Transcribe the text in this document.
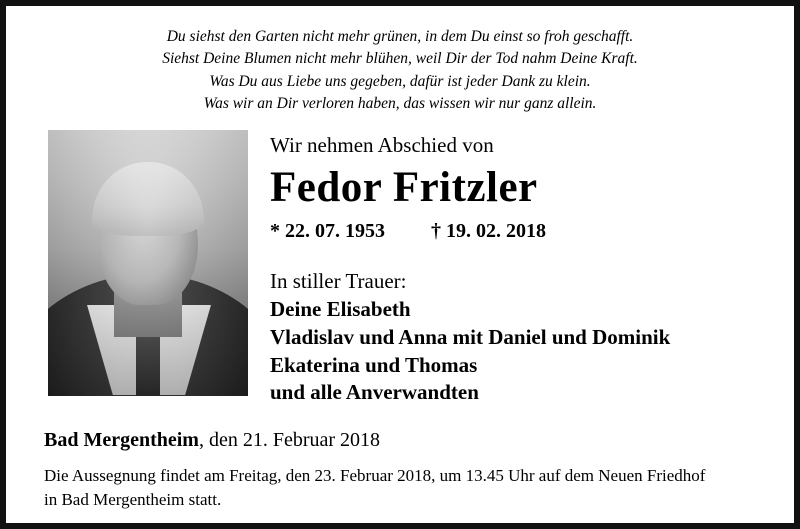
Du siehst den Garten nicht mehr grünen, in dem Du einst so froh geschafft.
Siehst Deine Blumen nicht mehr blühen, weil Dir der Tod nahm Deine Kraft.
Was Du aus Liebe uns gegeben, dafür ist jeder Dank zu klein.
Was wir an Dir verloren haben, das wissen wir nur ganz allein.
Wir nehmen Abschied von
Fedor Fritzler
* 22. 07. 1953 † 19. 02. 2018
In stiller Trauer:
Deine Elisabeth
Vladislav und Anna mit Daniel und Dominik
Ekaterina und Thomas
und alle Anverwandten
Bad Mergentheim, den 21. Februar 2018
Die Aussegnung findet am Freitag, den 23. Februar 2018, um 13.45 Uhr auf dem Neuen Friedhof
in Bad Mergentheim statt.
